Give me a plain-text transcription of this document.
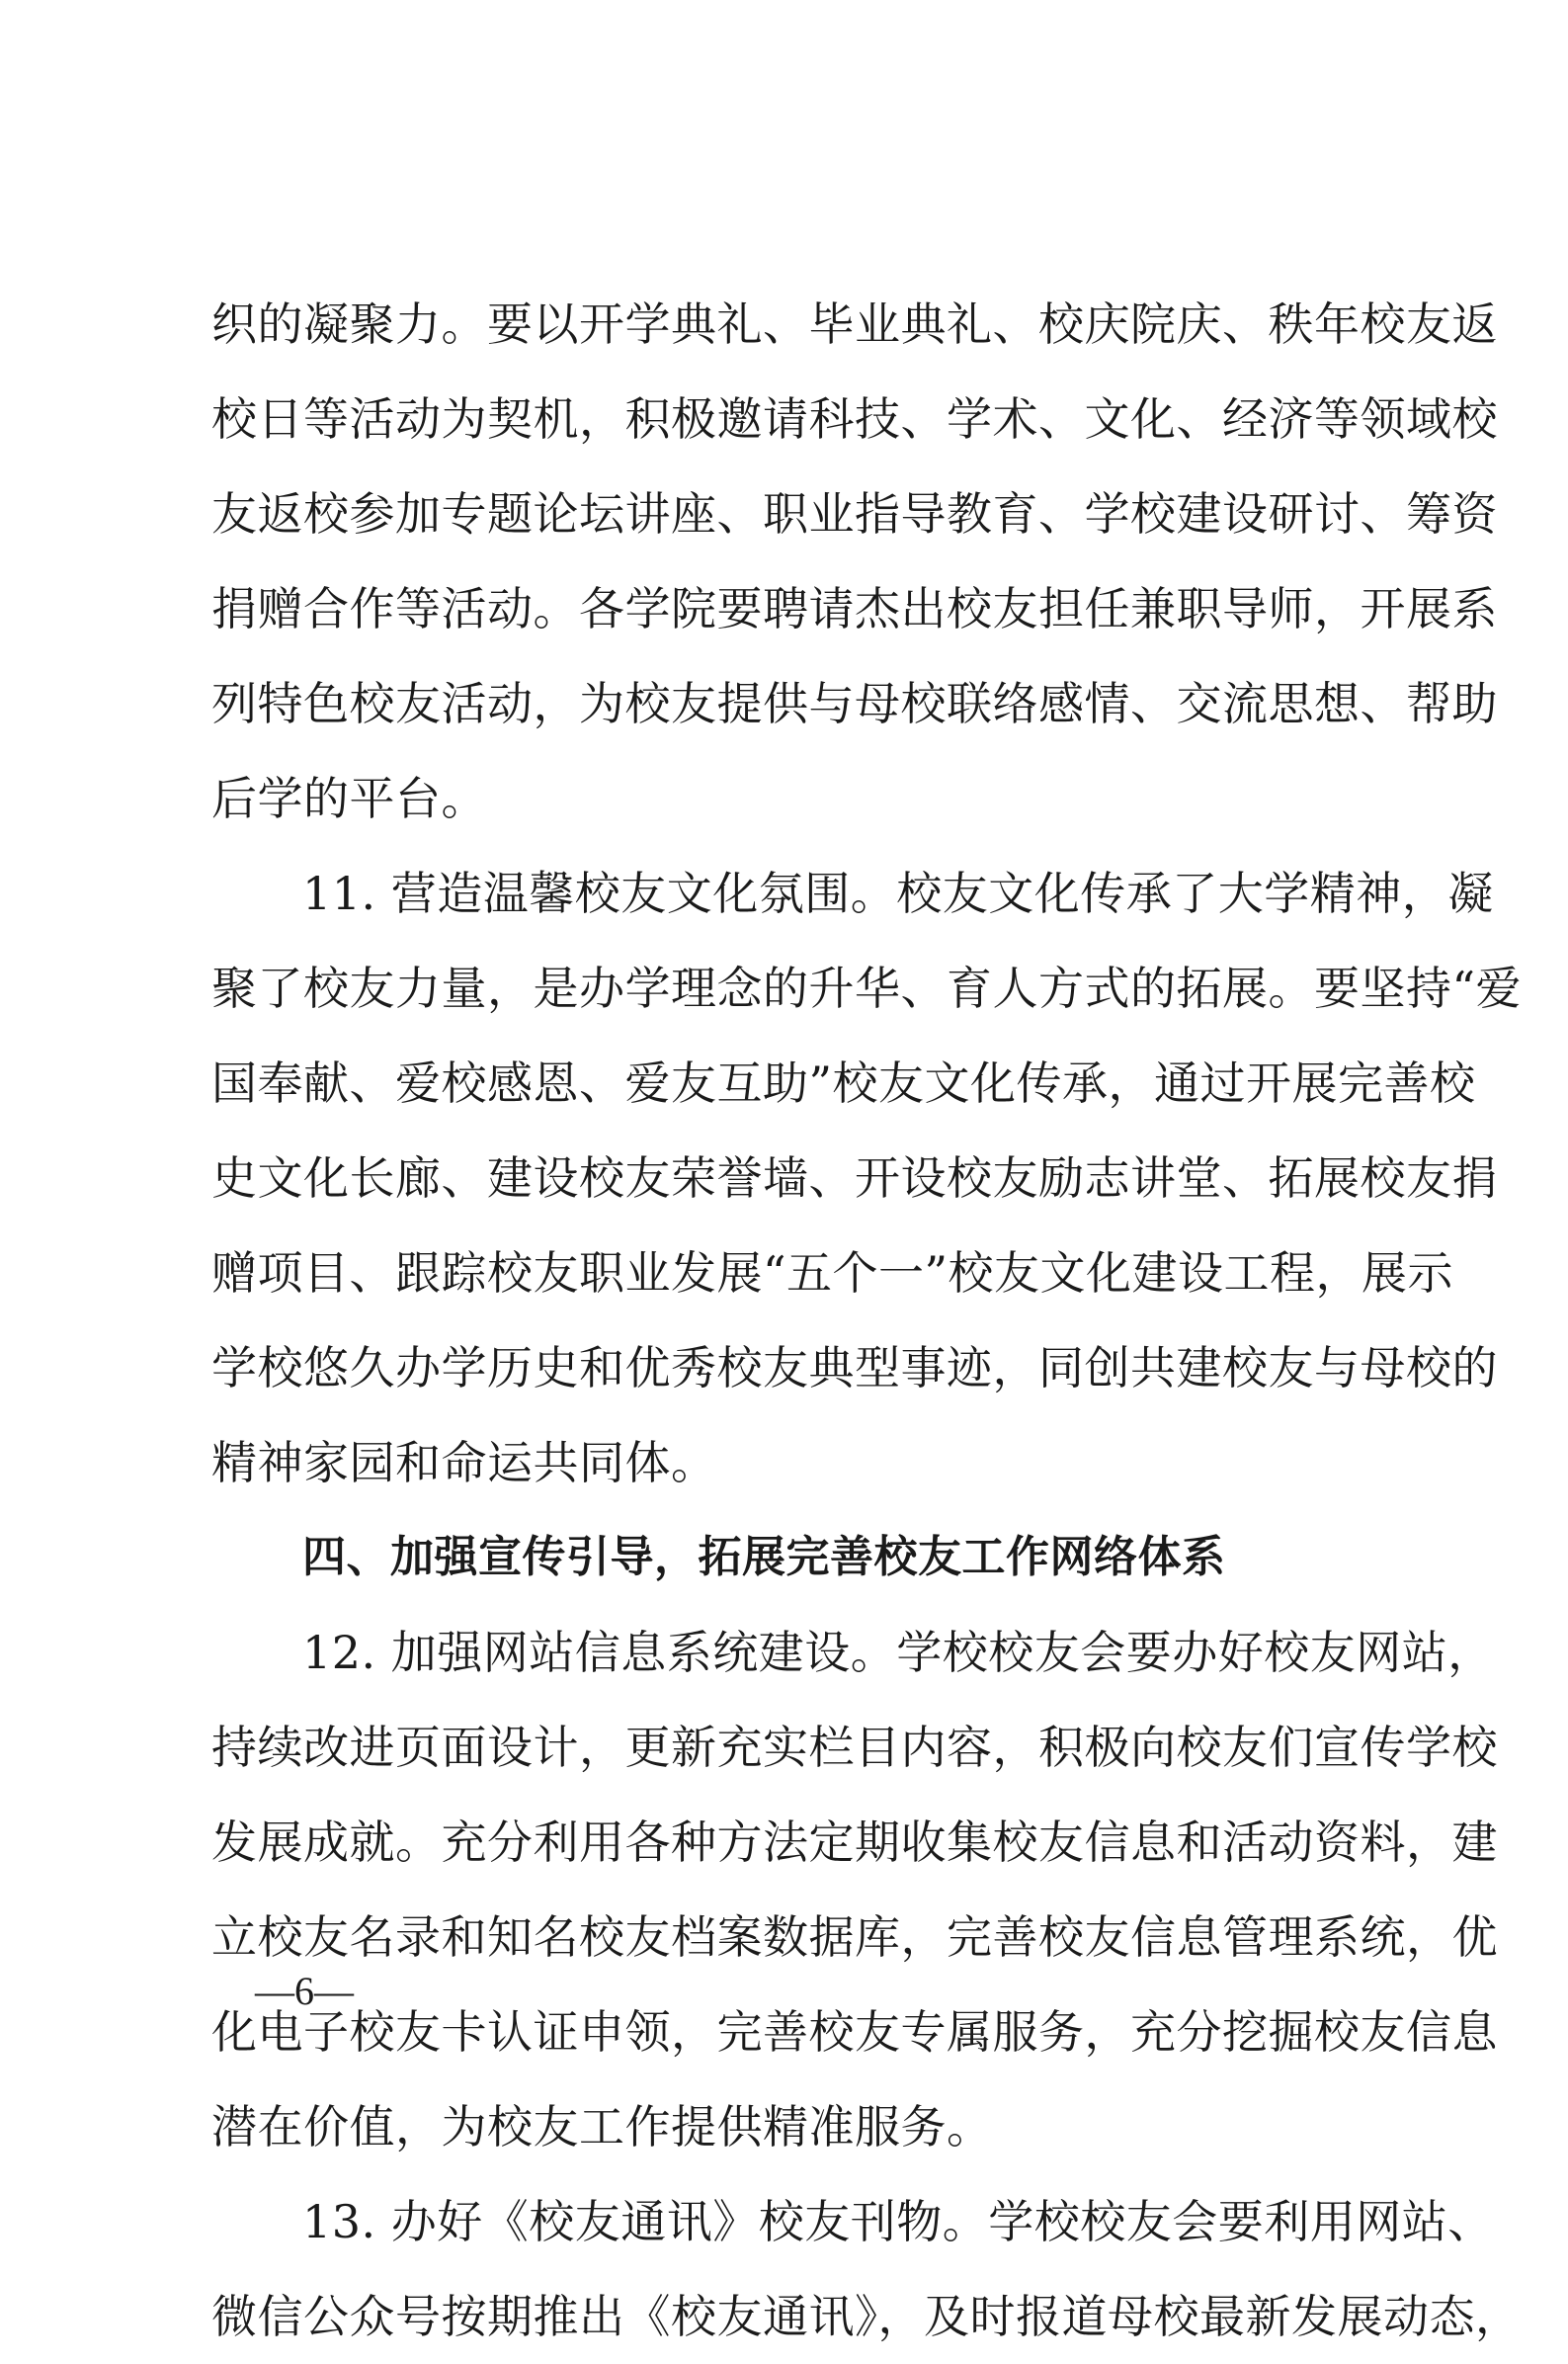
织的凝聚力。要以开学典礼、毕业典礼、校庆院庆、秩年校友返
校日等活动为契机，积极邀请科技、学术、文化、经济等领域校
友返校参加专题论坛讲座、职业指导教育、学校建设研讨、筹资
捐赠合作等活动。各学院要聘请杰出校友担任兼职导师，开展系
列特色校友活动，为校友提供与母校联络感情、交流思想、帮助
后学的平台。
11. 营造温馨校友文化氛围。校友文化传承了大学精神，凝
聚了校友力量，是办学理念的升华、育人方式的拓展。要坚持“爱
国奉献、爱校感恩、爱友互助”校友文化传承，通过开展完善校
史文化长廊、建设校友荣誉墙、开设校友励志讲堂、拓展校友捐
赠项目、跟踪校友职业发展“五个一”校友文化建设工程，展示
学校悠久办学历史和优秀校友典型事迹，同创共建校友与母校的
精神家园和命运共同体。
四、加强宣传引导，拓展完善校友工作网络体系
12. 加强网站信息系统建设。学校校友会要办好校友网站，
持续改进页面设计，更新充实栏目内容，积极向校友们宣传学校
发展成就。充分利用各种方法定期收集校友信息和活动资料，建
立校友名录和知名校友档案数据库，完善校友信息管理系统，优
化电子校友卡认证申领，完善校友专属服务，充分挖掘校友信息
潜在价值，为校友工作提供精准服务。
13. 办好《校友通讯》校友刊物。学校校友会要利用网站、
微信公众号按期推出《校友通讯》，及时报道母校最新发展动态，
—6—
